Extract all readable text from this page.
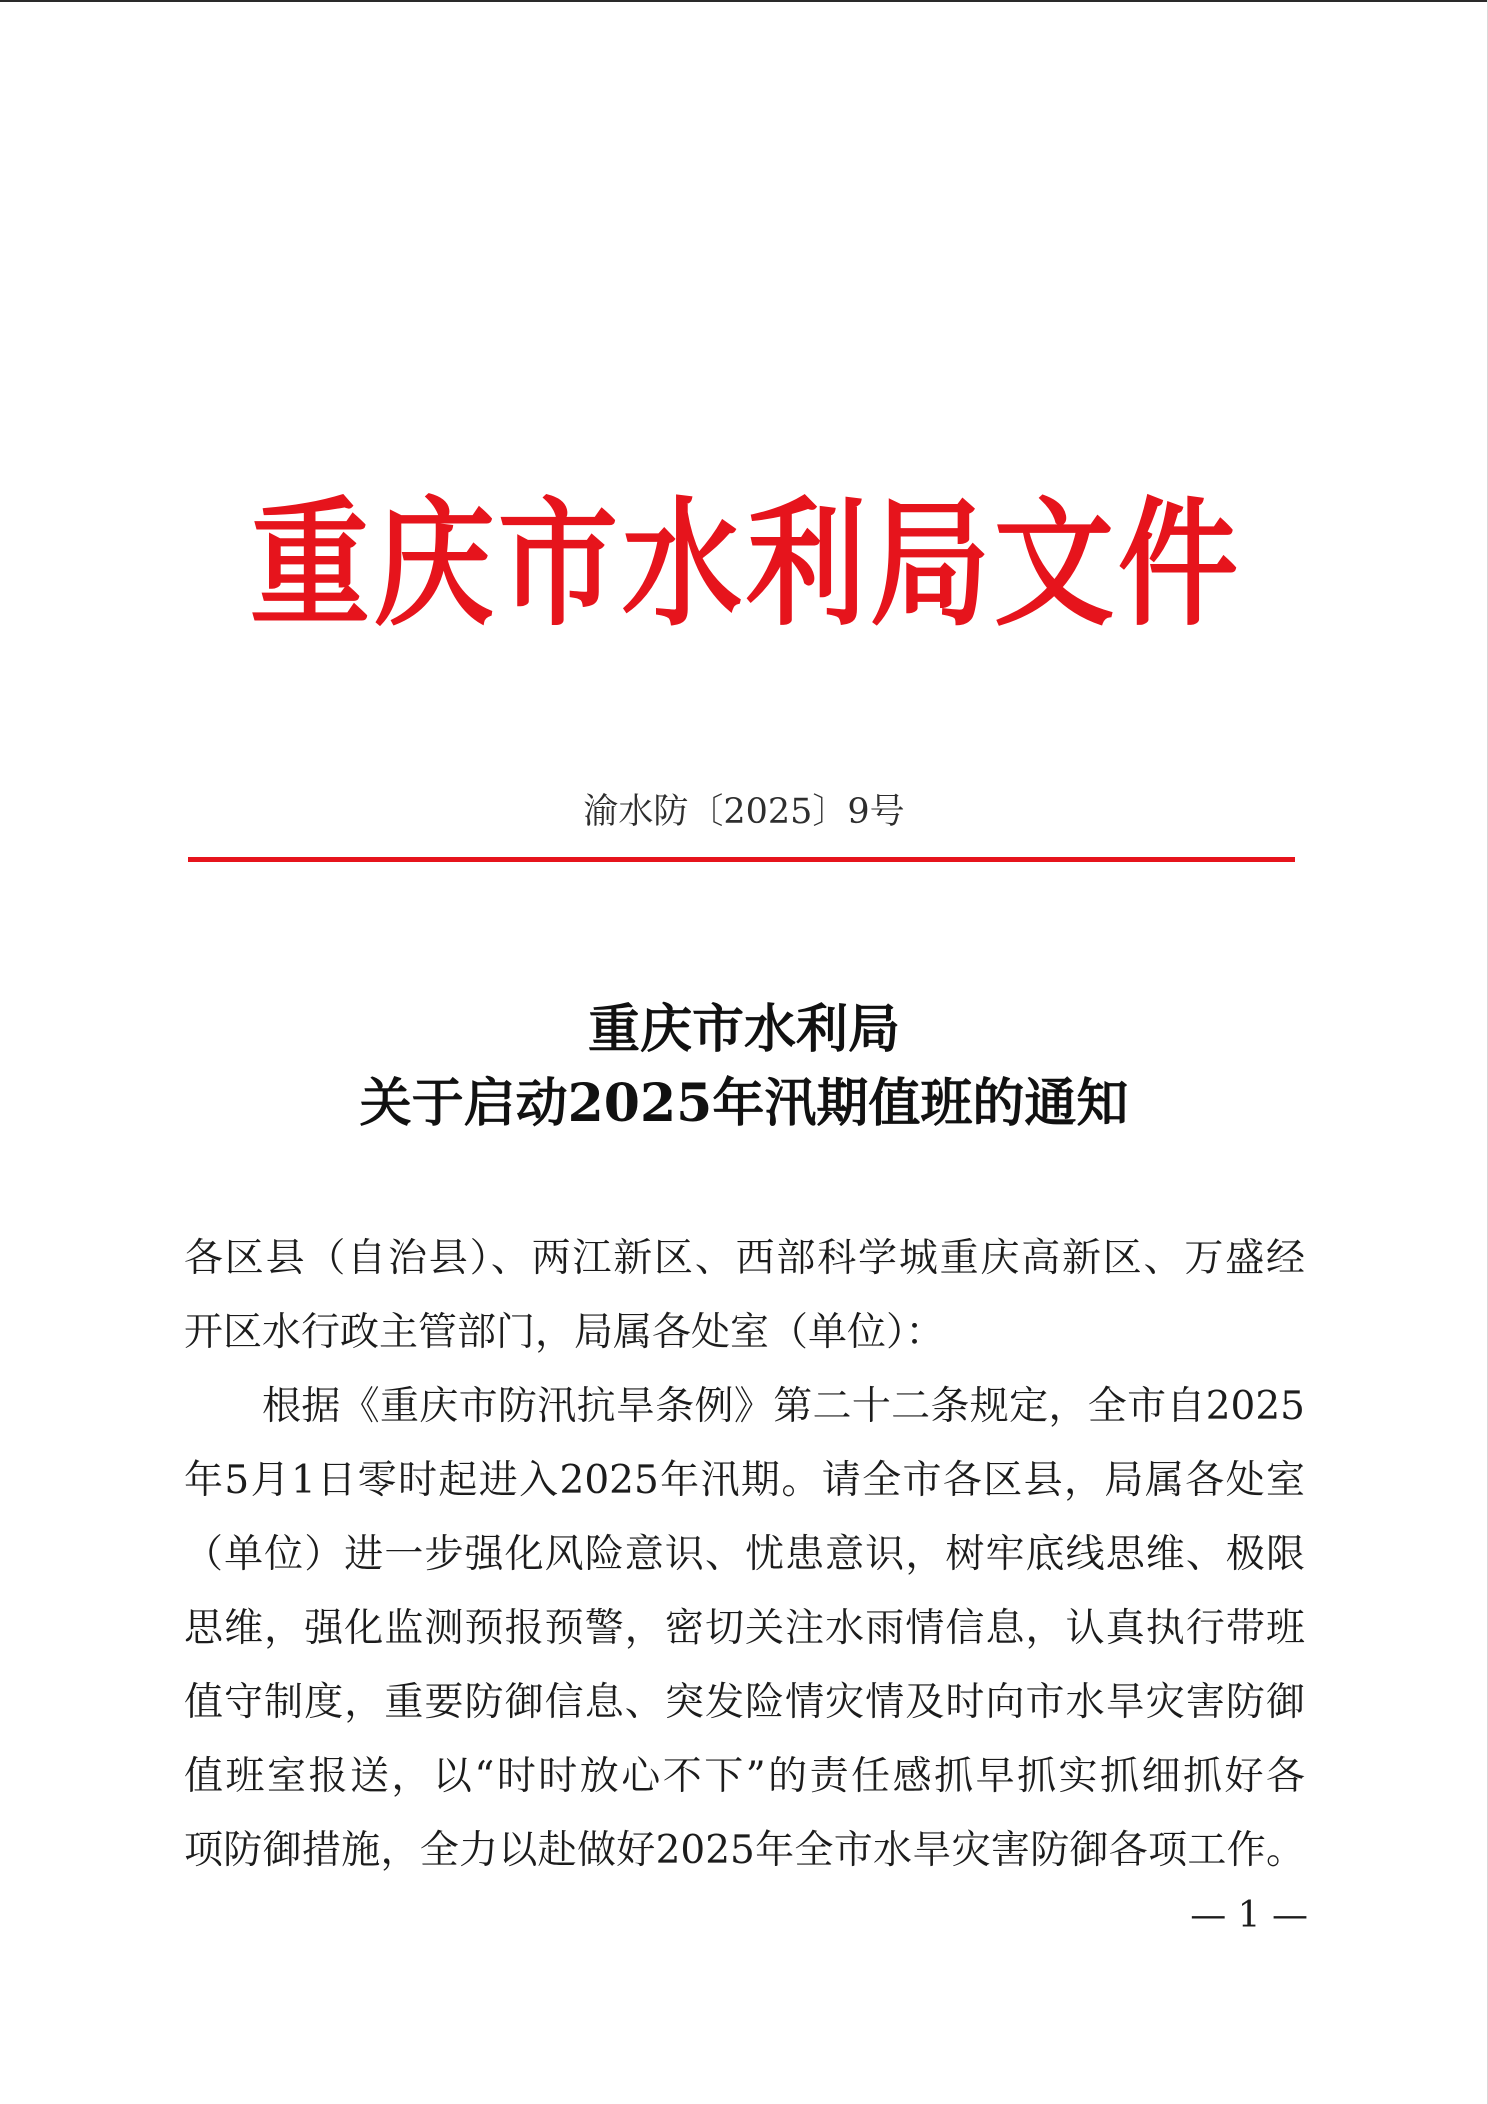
重庆市水利局文件
渝水防〔2025〕9号
重庆市水利局
关于启动2025年汛期值班的通知
各区县（自治县）、两江新区、西部科学城重庆高新区、万盛经
开区水行政主管部门，局属各处室（单位）：
根据《重庆市防汛抗旱条例》第二十二条规定，全市自2025
年5月1日零时起进入2025年汛期。请全市各区县，局属各处室
（单位）进一步强化风险意识、忧患意识，树牢底线思维、极限
思维，强化监测预报预警，密切关注水雨情信息，认真执行带班
值守制度，重要防御信息、突发险情灾情及时向市水旱灾害防御
值班室报送，以“时时放心不下”的责任感抓早抓实抓细抓好各
项防御措施，全力以赴做好2025年全市水旱灾害防御各项工作。
— 1 —
